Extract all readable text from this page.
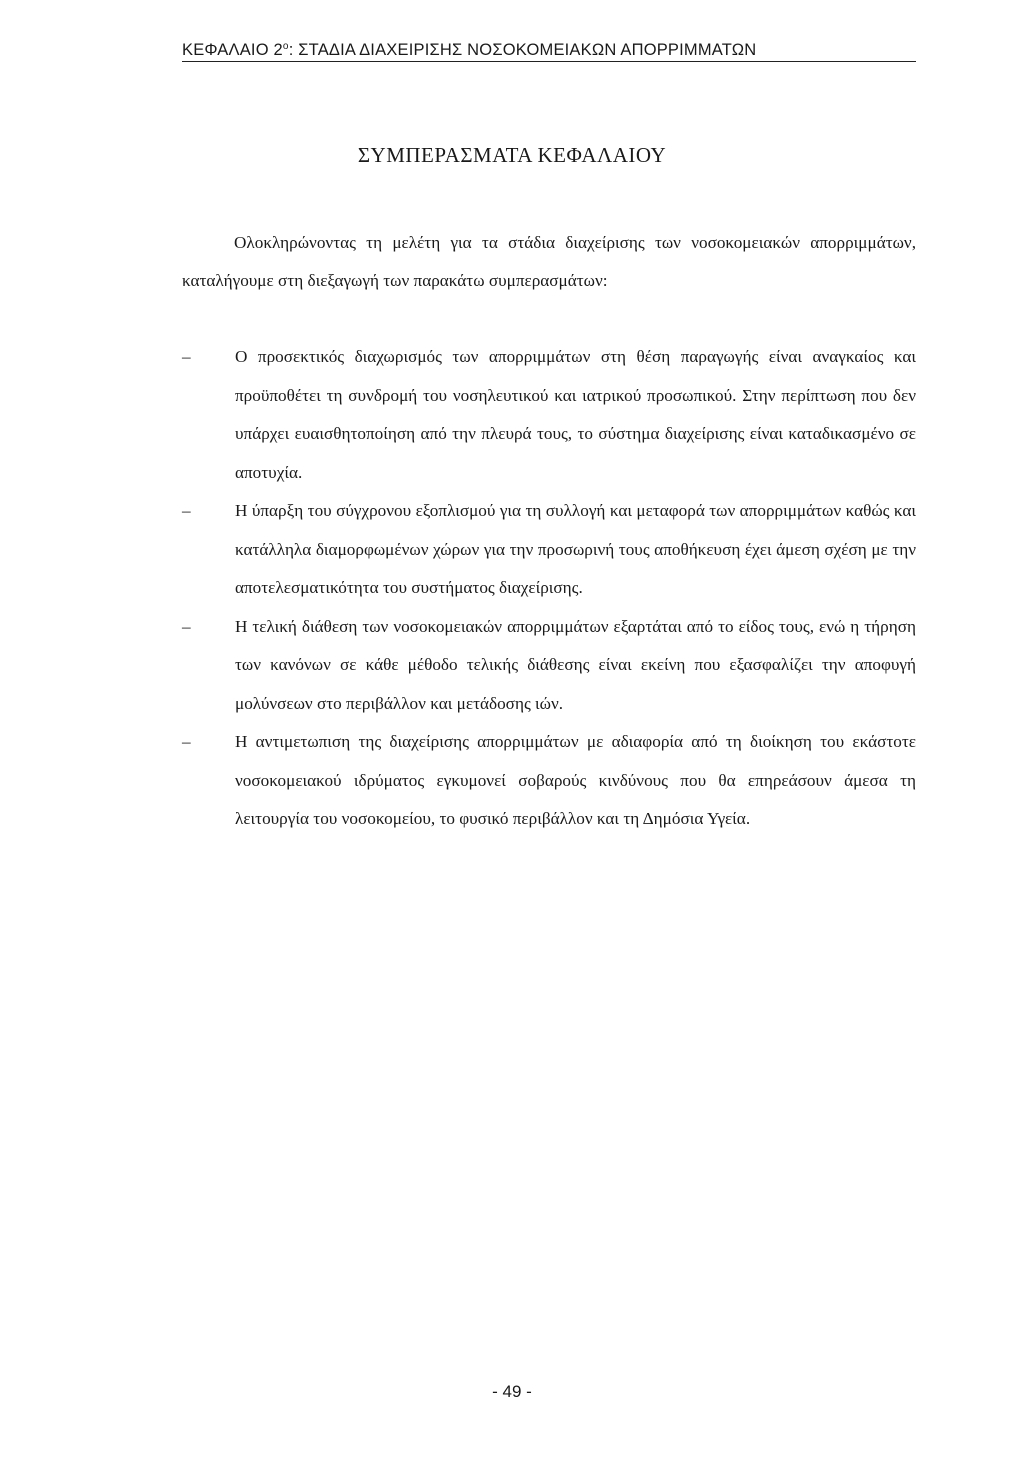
ΚΕΦΑΛΑΙΟ $2^o$: ΣΤΑΔΙΑ ΔΙΑΧΕΙΡΙΣΗΣ ΝΟΣΟΚΟΜΕΙΑΚΩΝ ΑΠΟΡΡΙΜΜΑΤΩΝ
ΣΥΜΠΕΡΑΣΜΑΤΑ ΚΕΦΑΛΑΙΟΥ

Ολοκληρώνοντας τη μελέτη για τα στάδια διαχείρισης των νοσοκομειακών απορριμμάτων, καταλήγουμε στη διεξαγωγή των παρακάτω συμπερασμάτων:

–	Ο προσεκτικός διαχωρισμός των απορριμμάτων στη θέση παραγωγής είναι αναγκαίος και προϋποθέτει τη συνδρομή του νοσηλευτικού και ιατρικού προσωπικού. Στην περίπτωση που δεν υπάρχει ευαισθητοποίηση από την πλευρά τους, το σύστημα διαχείρισης είναι καταδικασμένο σε αποτυχία.
–	Η ύπαρξη του σύγχρονου εξοπλισμού για τη συλλογή και μεταφορά των απορριμμάτων καθώς και κατάλληλα διαμορφωμένων χώρων για την προσωρινή τους αποθήκευση έχει άμεση σχέση με την αποτελεσματικότητα του συστήματος διαχείρισης.
–	Η τελική διάθεση των νοσοκομειακών απορριμμάτων εξαρτάται από το είδος τους, ενώ η τήρηση των κανόνων σε κάθε μέθοδο τελικής διάθεσης είναι εκείνη που εξασφαλίζει την αποφυγή μολύνσεων στο περιβάλλον και μετάδοσης ιών.
–	Η αντιμετωπιση της διαχείρισης απορριμμάτων με αδιαφορία από τη διοίκηση του εκάστοτε νοσοκομειακού ιδρύματος εγκυμονεί σοβαρούς κινδύνους που θα επηρεάσουν άμεσα τη λειτουργία του νοσοκομείου, το φυσικό περιβάλλον και τη Δημόσια Υγεία.
- 49 -
